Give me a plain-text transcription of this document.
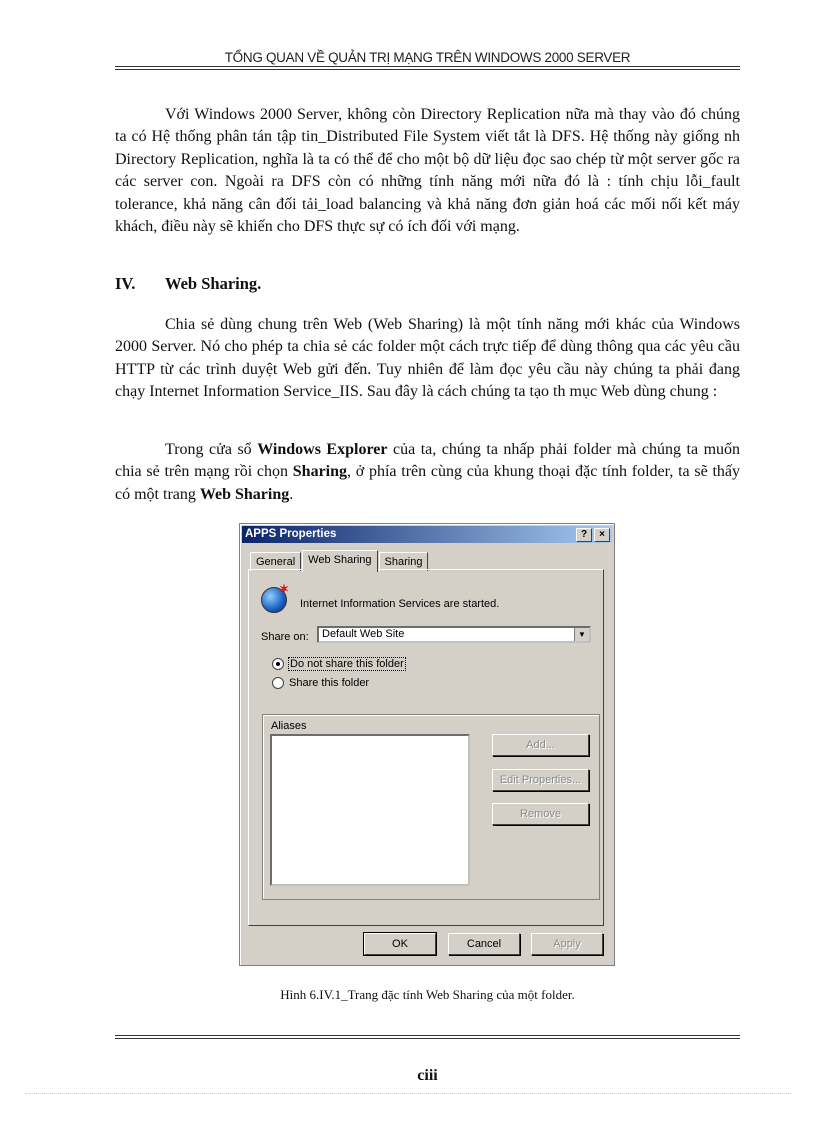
TỔNG QUAN VỀ QUẢN TRỊ MẠNG TRÊN WINDOWS 2000 SERVER

Với Windows 2000 Server, không còn Directory Replication nữa mà thay vào đó chúng ta có Hệ thống phân tán tập tin_Distributed File System viết tắt là DFS. Hệ thống này giống nh Directory Replication, nghĩa là ta có thể để cho một bộ dữ liệu đọc sao chép từ một server gốc ra các server con. Ngoài ra DFS còn có những tính năng mới nữa đó là : tính chịu lỗi_fault tolerance, khả năng cân đối tải_load balancing và khả năng đơn giản hoá các mối nối kết máy khách, điều này sẽ khiến cho DFS thực sự có ích đối với mạng.

IV. Web Sharing.

Chia sẻ dùng chung trên Web (Web Sharing) là một tính năng mới khác của Windows 2000 Server. Nó cho phép ta chia sẻ các folder một cách trực tiếp để dùng thông qua các yêu cầu HTTP từ các trình duyệt Web gửi đến. Tuy nhiên để làm đọc yêu cầu này chúng ta phải đang chạy Internet Information Service_IIS. Sau đây là cách chúng ta tạo th mục Web dùng chung :

Trong cửa sổ Windows Explorer của ta, chúng ta nhấp phải folder mà chúng ta muốn chia sẻ trên mạng rồi chọn Sharing, ở phía trên cùng của khung thoại đặc tính folder, ta sẽ thấy có một trang Web Sharing.

APPS Properties	?	×
General	Web Sharing	Sharing
✶
Internet Information Services are started.
Share on:	Default Web Site	▼
Do not share this folder
Share this folder
Aliases
Add...
Edit Properties...
Remove
OK	Cancel	Apply
Hình 6.IV.1_Trang đặc tính Web Sharing của một folder.
ciii
